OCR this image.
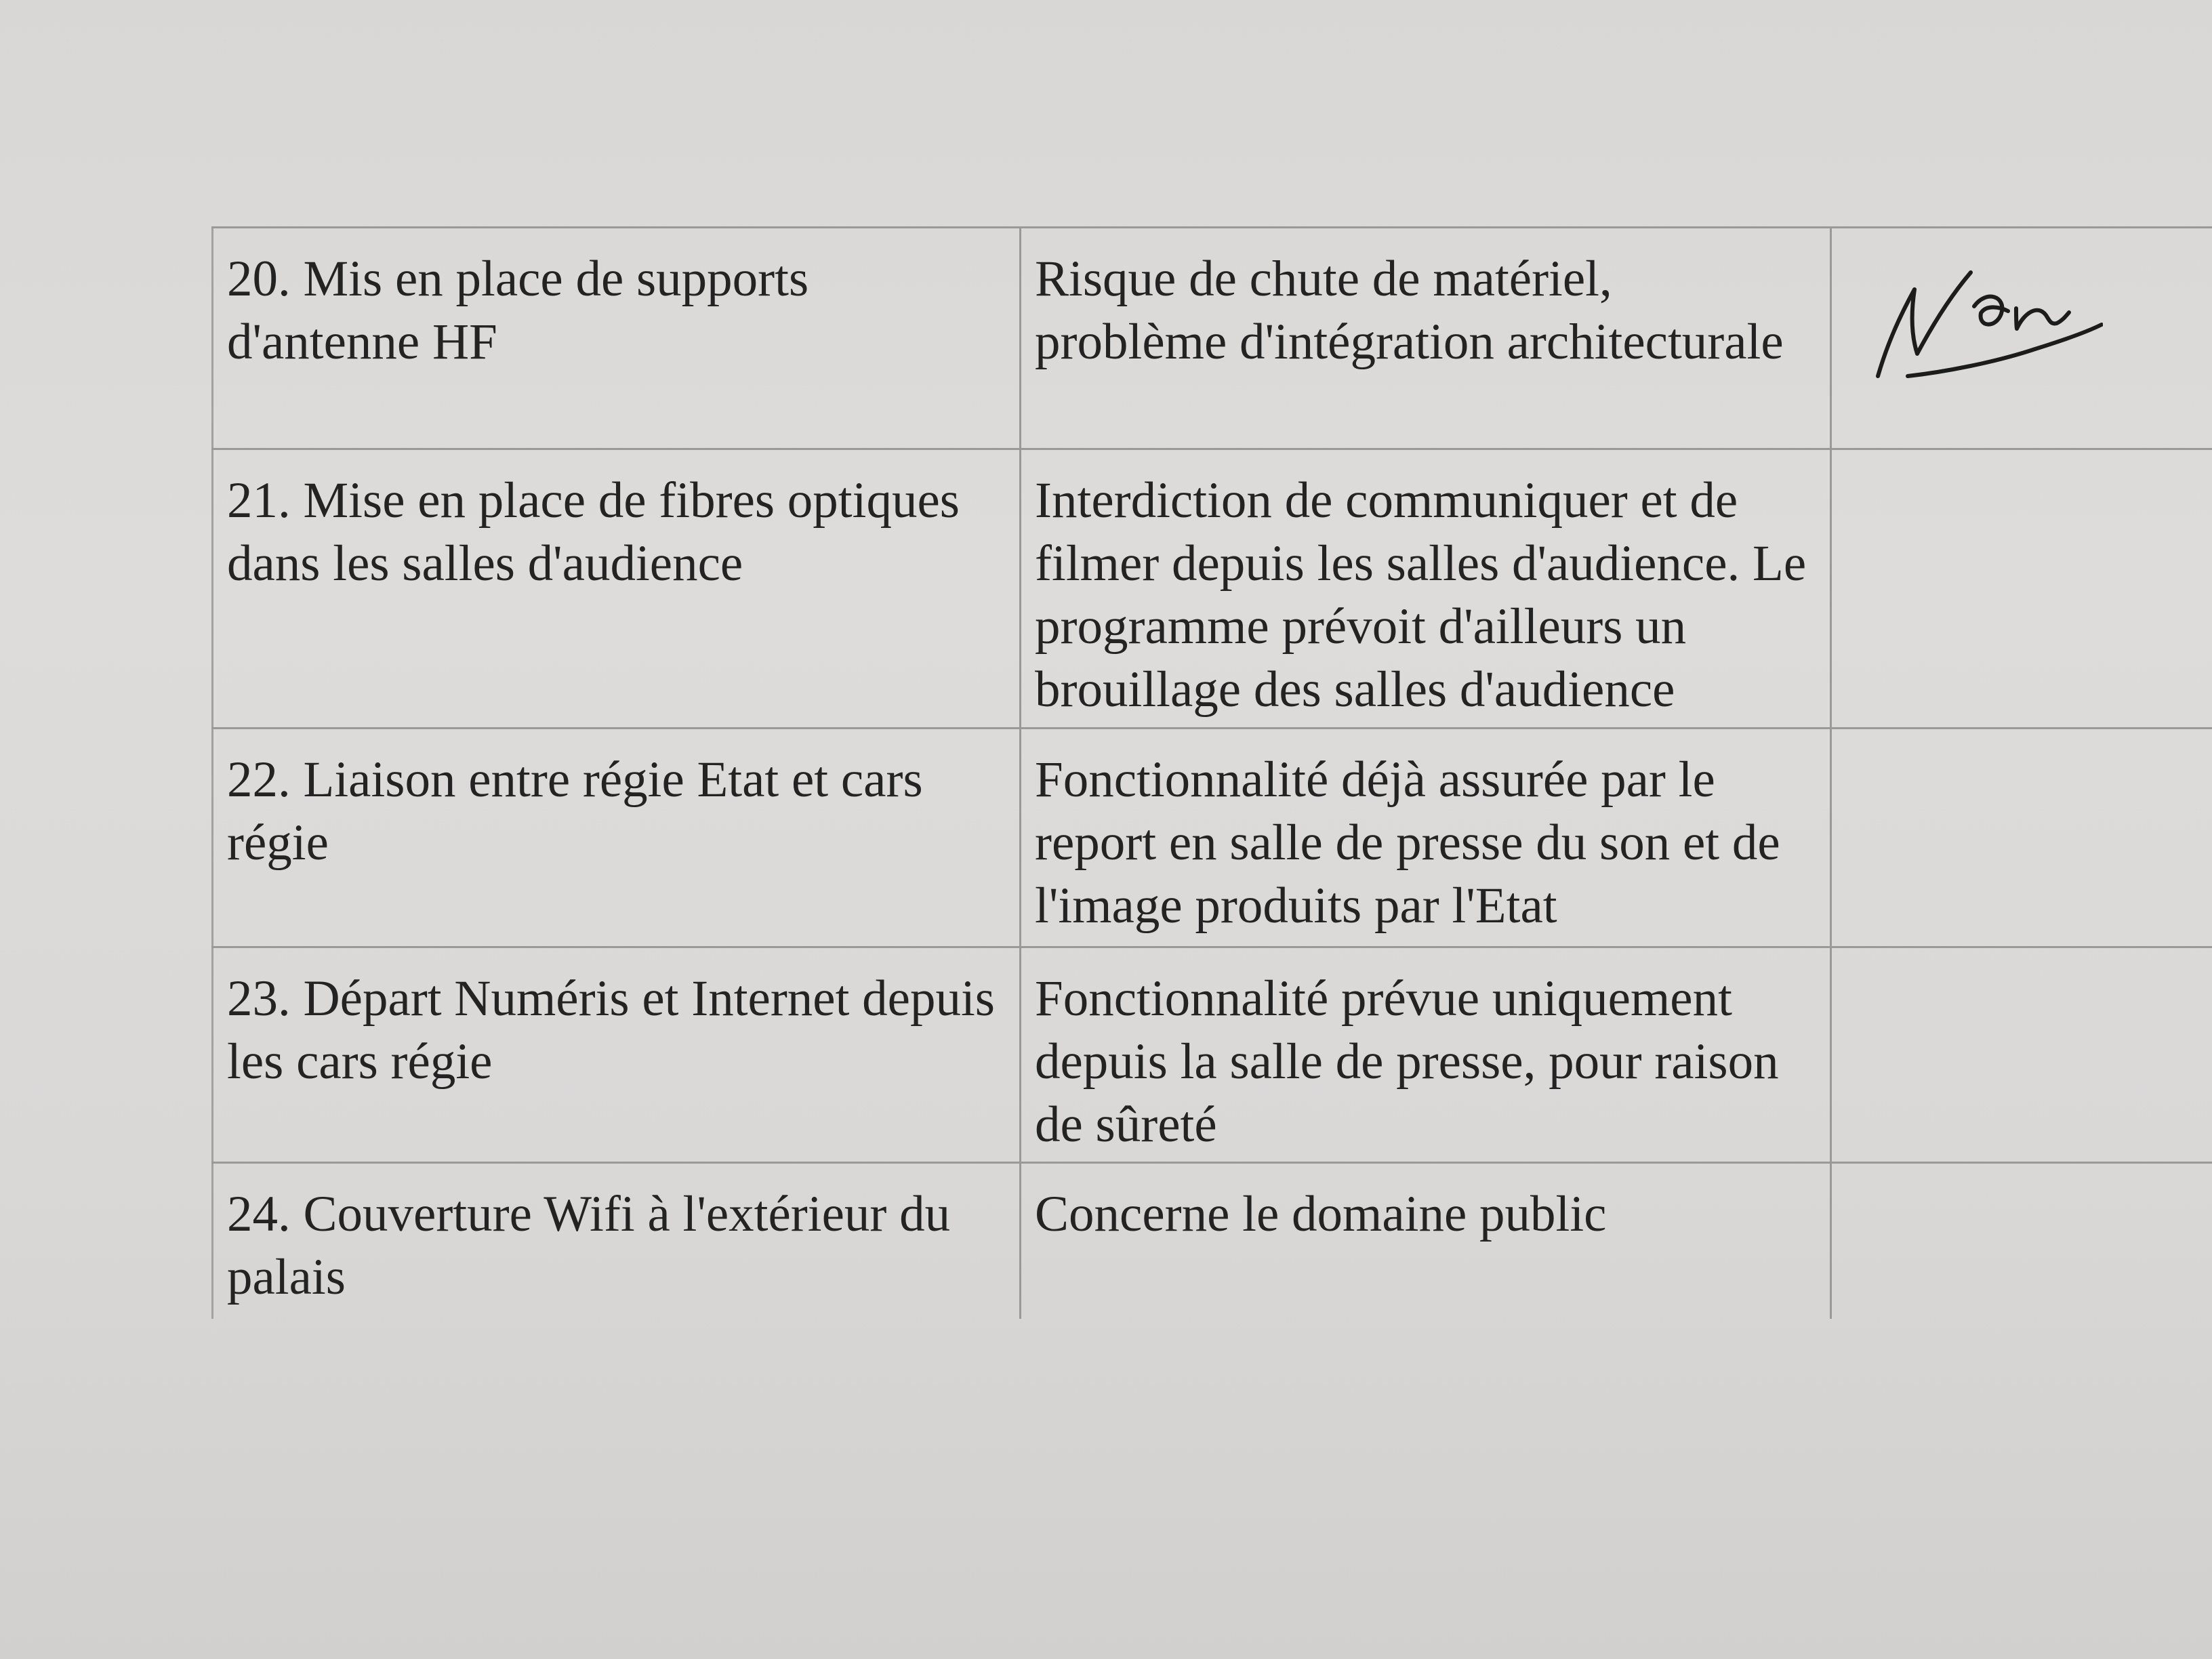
20. Mis en place de supports d'antenne HF	Risque de chute de matériel, problème d'intégration architecturale

21. Mise en place de fibres optiques dans les salles d'audience	Interdiction de communiquer et de filmer depuis les salles d'audience. Le programme prévoit d'ailleurs un brouillage des salles d'audience	

22. Liaison entre régie Etat et cars régie	Fonctionnalité déjà assurée par le report en salle de presse du son et de l'image produits par l'Etat	

23. Départ Numéris et Internet depuis les cars régie	Fonctionnalité prévue uniquement depuis la salle de presse, pour raison de sûreté	

24. Couverture Wifi à l'extérieur du palais	Concerne le domaine public	
